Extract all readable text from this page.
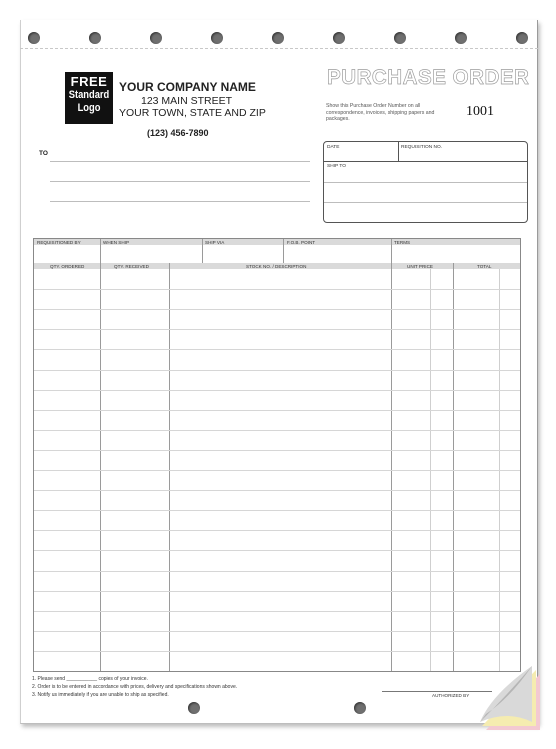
FREE
Standard
Logo
YOUR COMPANY NAME
123 MAIN STREET
YOUR TOWN, STATE AND ZIP
(123) 456-7890
PURCHASE ORDER
Show this Purchase Order Number on all correspondence, invoices, shipping papers and packages.
1001
TO
DATE	REQUISITION NO.
SHIP TO
REQUISITIONED BY	WHEN SHIP	SHIP VIA	F.O.B. POINT	TERMS
QTY. ORDERED	QTY. RECEIVED	STOCK NO. / DESCRIPTION	UNIT PRICE	TOTAL
1. Please send ___________ copies of your invoice.
2. Order is to be entered in accordance with prices, delivery and specifications shown above.
3. Notify us immediately if you are unable to ship as specified.	AUTHORIZED BY
